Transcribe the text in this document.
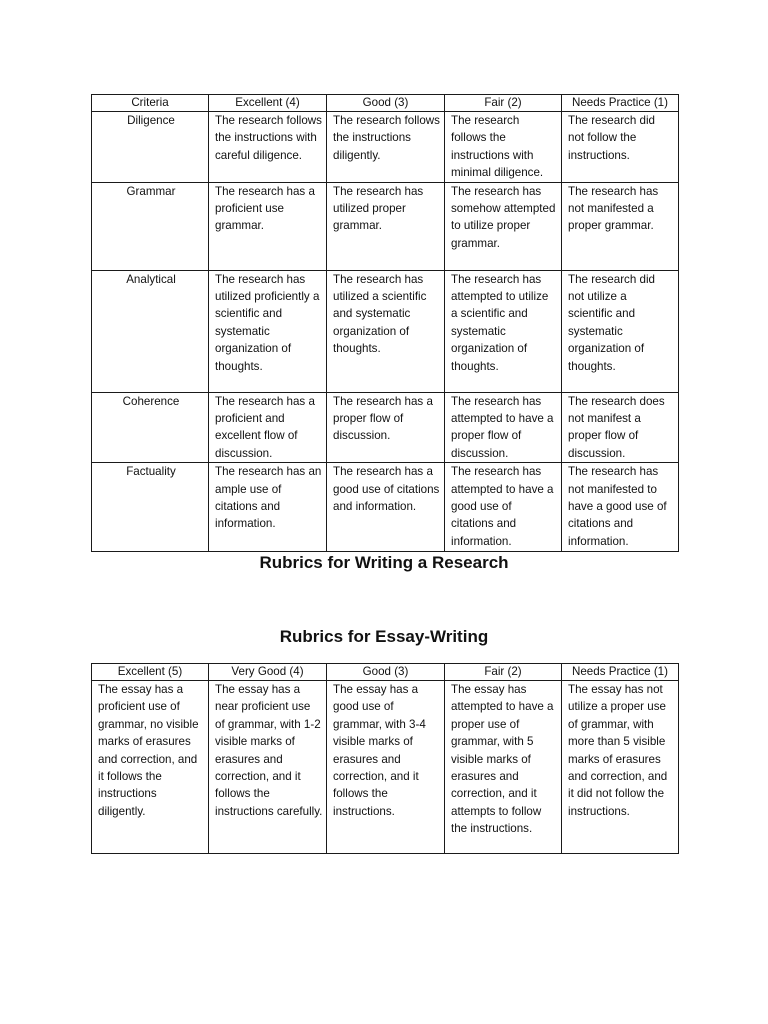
Criteria	Excellent (4)	Good (3)	Fair (2)	Needs Practice (1)
Diligence	The research follows the instructions with careful diligence.	The research follows the instructions diligently.	The research follows the instructions with minimal diligence.	The research did not follow the instructions.
Grammar	The research has a proficient use grammar.	The research has utilized proper grammar.	The research has somehow attempted to utilize proper grammar.	The research has not manifested a proper grammar.
Analytical	The research has utilized proficiently a scientific and systematic organization of thoughts.	The research has utilized a scientific and systematic organization of thoughts.	The research has attempted to utilize a scientific and systematic organization of thoughts.	The research did not utilize a scientific and systematic organization of thoughts.
Coherence	The research has a proficient and excellent flow of discussion.	The research has a proper flow of discussion.	The research has attempted to have a proper flow of discussion.	The research does not manifest a proper flow of discussion.
Factuality	The research has an ample use of citations and information.	The research has a good use of citations and information.	The research has attempted to have a good use of citations and information.	The research has not manifested to have a good use of citations and information.
Rubrics for Writing a Research
Rubrics for Essay-Writing
Excellent (5)	Very Good (4)	Good (3)	Fair (2)	Needs Practice (1)
The essay has a proficient use of grammar, no visible marks of erasures and correction, and it follows the instructions diligently.	The essay has a near proficient use of grammar, with 1-2 visible marks of erasures and correction, and it follows the instructions carefully.	The essay has a good use of grammar, with 3-4 visible marks of erasures and correction, and it follows the instructions.	The essay has attempted to have a proper use of grammar, with 5 visible marks of erasures and correction, and it attempts to follow the instructions.	The essay has not utilize a proper use of grammar, with more than 5 visible marks of erasures and correction, and it did not follow the instructions.
